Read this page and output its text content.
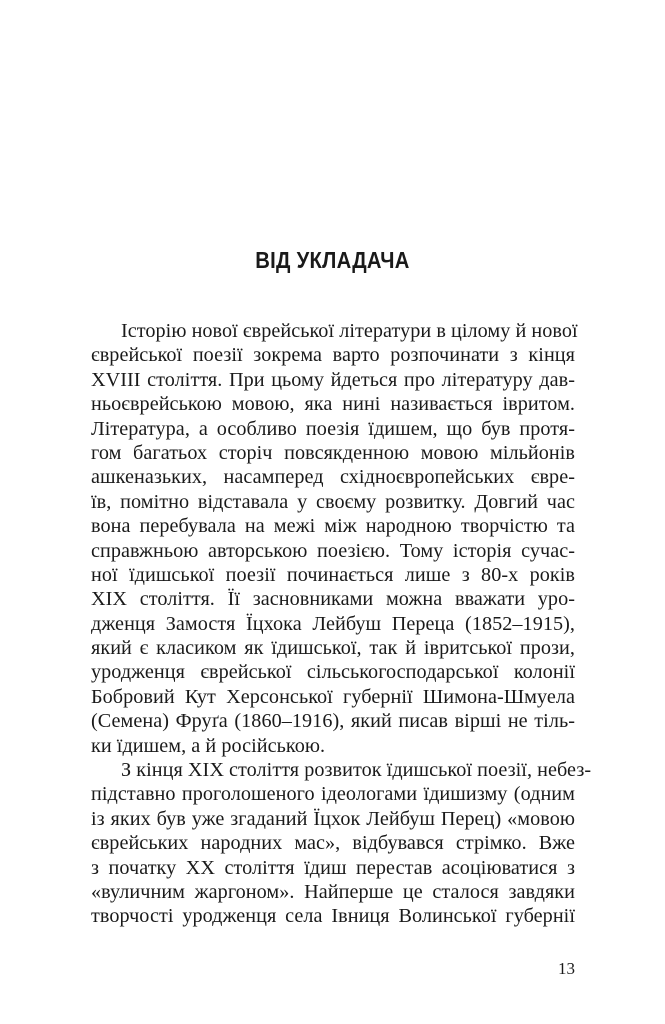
ВІД УКЛАДАЧА
Історію нової єврейської літератури в цілому й нової
єврейської поезії зокрема варто розпочинати з кінця
XVIII століття. При цьому йдеться про літературу дав-
ньоєврейською мовою, яка нині називається івритом.
Література, а особливо поезія їдишем, що був протя-
гом багатьох сторіч повсякденною мовою мільйонів
ашкеназьких, насамперед східноєвропейських євре-
їв, помітно відставала у своєму розвитку. Довгий час
вона перебувала на межі між народною творчістю та
справжньою авторською поезією. Тому історія сучас-
ної їдишської поезії починається лише з 80-х років
XIX століття. Її засновниками можна вважати уро-
дженця Замостя Їцхока Лейбуш Переца (1852–1915),
який є класиком як їдишської, так й івритської прози,
уродженця єврейської сільськогосподарської колонії
Бобровий Кут Херсонської губернії Шимона-Шмуела
(Семена) Фруґа (1860–1916), який писав вірші не тіль-
ки їдишем, а й російською.
З кінця XIX століття розвиток їдишської поезії, небез-
підставно проголошеного ідеологами їдишизму (одним
із яких був уже згаданий Їцхок Лейбуш Перец) «мовою
єврейських народних мас», відбувався стрімко. Вже
з початку XX століття їдиш перестав асоціюватися з
«вуличним жаргоном». Найперше це сталося завдяки
творчості уродженця села Івниця Волинської губернії
13
